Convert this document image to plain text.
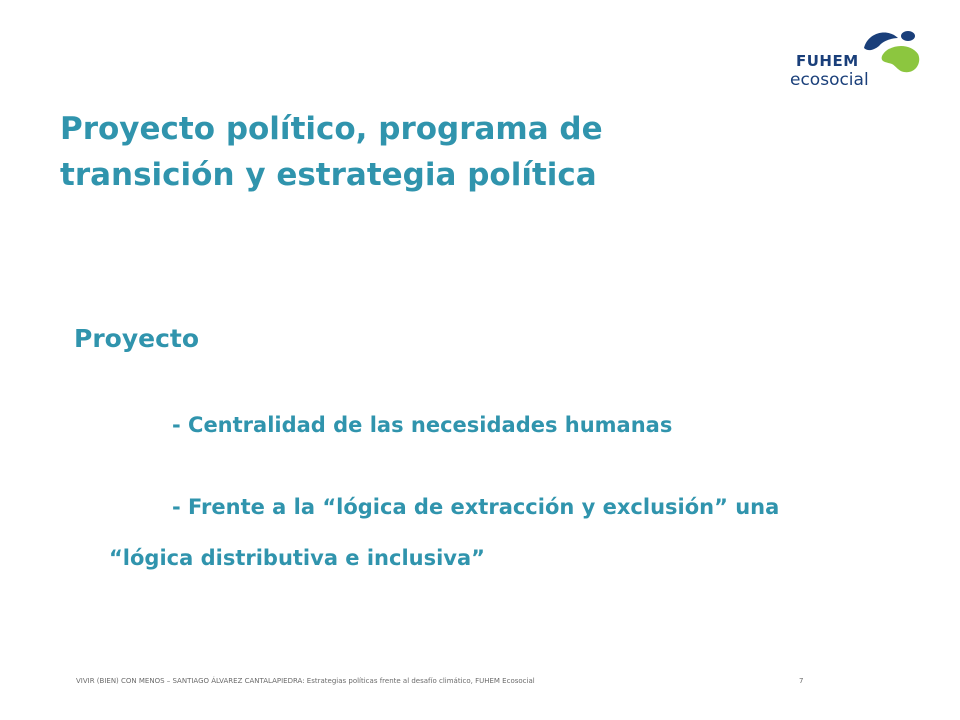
Proyecto político, programa de
transición y estrategia política
FUHEM
ecosocial
Proyecto
- Centralidad de las necesidades humanas
- Frente a la “lógica de extracción y exclusión” una
“lógica distributiva e inclusiva”
VIVIR (BIEN) CON MENOS – SANTIAGO ÁLVAREZ CANTALAPIEDRA: Estrategias políticas frente al desafío climático, FUHEM Ecosocial	7
